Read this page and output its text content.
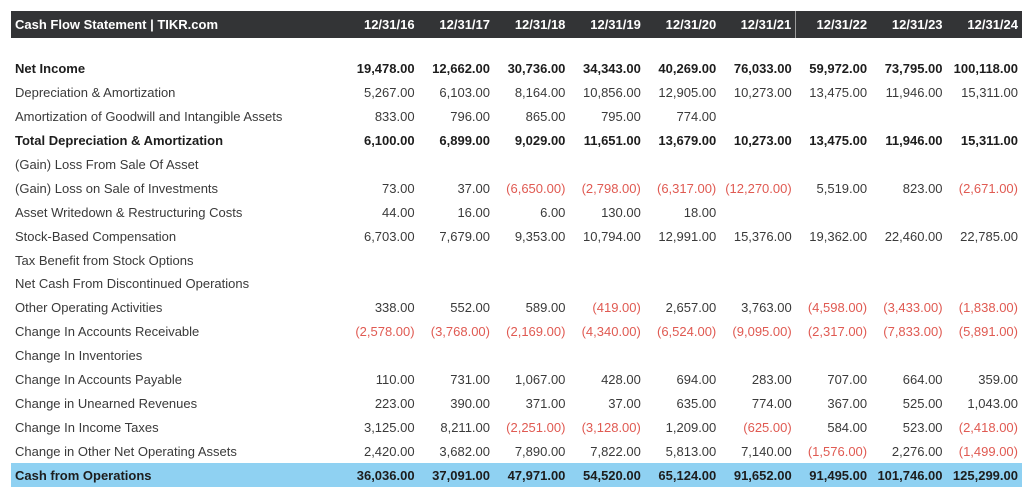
Cash Flow Statement | TIKR.com	12/31/16	12/31/17	12/31/18	12/31/19	12/31/20	12/31/21	12/31/22	12/31/23	12/31/24

Net Income	19,478.00	12,662.00	30,736.00	34,343.00	40,269.00	76,033.00	59,972.00	73,795.00	100,118.00
Depreciation & Amortization	5,267.00	6,103.00	8,164.00	10,856.00	12,905.00	10,273.00	13,475.00	11,946.00	15,311.00
Amortization of Goodwill and Intangible Assets	833.00	796.00	865.00	795.00	774.00				
Total Depreciation & Amortization	6,100.00	6,899.00	9,029.00	11,651.00	13,679.00	10,273.00	13,475.00	11,946.00	15,311.00
(Gain) Loss From Sale Of Asset									
(Gain) Loss on Sale of Investments	73.00	37.00	(6,650.00)	(2,798.00)	(6,317.00)	(12,270.00)	5,519.00	823.00	(2,671.00)
Asset Writedown & Restructuring Costs	44.00	16.00	6.00	130.00	18.00				
Stock-Based Compensation	6,703.00	7,679.00	9,353.00	10,794.00	12,991.00	15,376.00	19,362.00	22,460.00	22,785.00
Tax Benefit from Stock Options									
Net Cash From Discontinued Operations									
Other Operating Activities	338.00	552.00	589.00	(419.00)	2,657.00	3,763.00	(4,598.00)	(3,433.00)	(1,838.00)
Change In Accounts Receivable	(2,578.00)	(3,768.00)	(2,169.00)	(4,340.00)	(6,524.00)	(9,095.00)	(2,317.00)	(7,833.00)	(5,891.00)
Change In Inventories									
Change In Accounts Payable	110.00	731.00	1,067.00	428.00	694.00	283.00	707.00	664.00	359.00
Change in Unearned Revenues	223.00	390.00	371.00	37.00	635.00	774.00	367.00	525.00	1,043.00
Change In Income Taxes	3,125.00	8,211.00	(2,251.00)	(3,128.00)	1,209.00	(625.00)	584.00	523.00	(2,418.00)
Change in Other Net Operating Assets	2,420.00	3,682.00	7,890.00	7,822.00	5,813.00	7,140.00	(1,576.00)	2,276.00	(1,499.00)
Cash from Operations	36,036.00	37,091.00	47,971.00	54,520.00	65,124.00	91,652.00	91,495.00	101,746.00	125,299.00
